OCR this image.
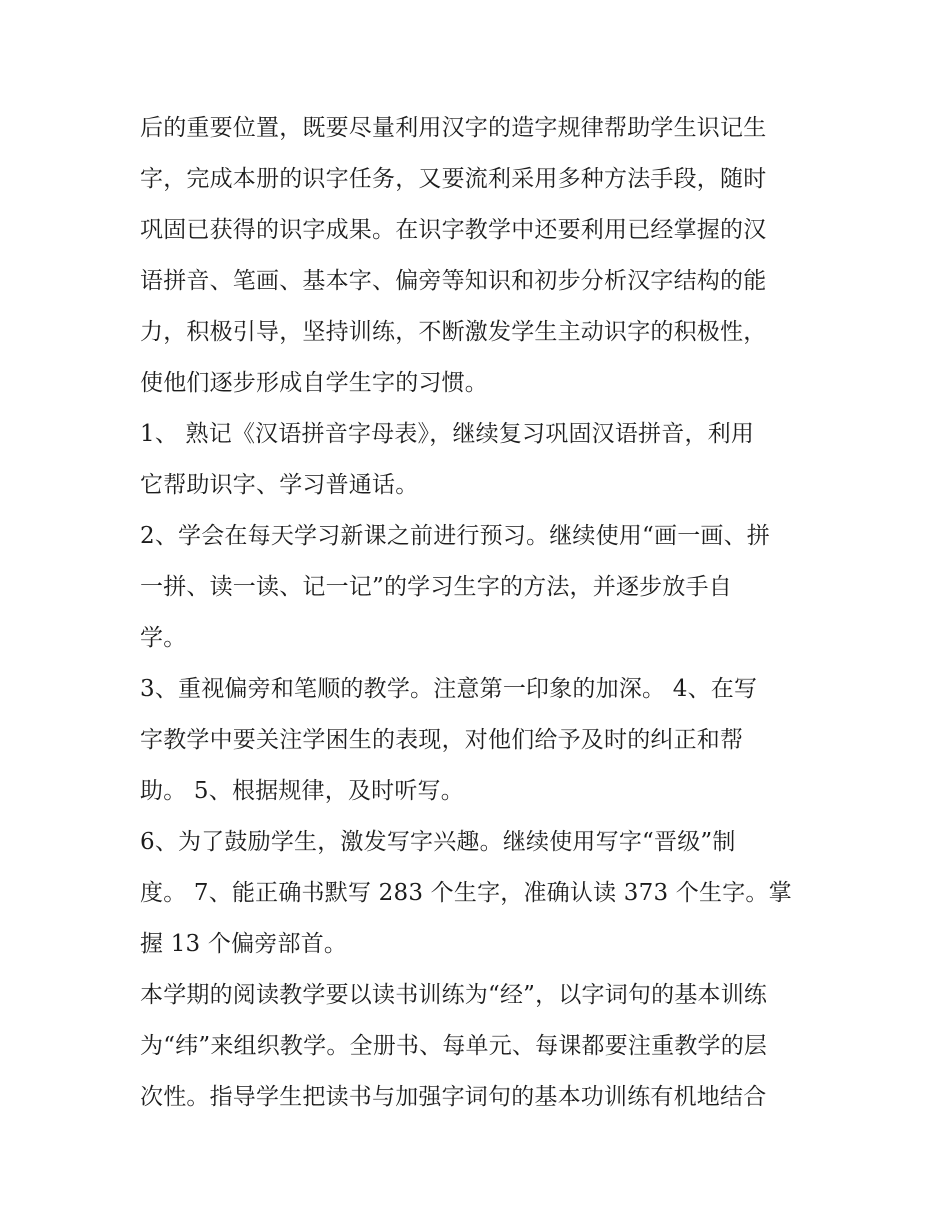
后的重要位置，既要尽量利用汉字的造字规律帮助学生识记生
字，完成本册的识字任务，又要流利采用多种方法手段，随时
巩固已获得的识字成果。在识字教学中还要利用已经掌握的汉
语拼音、笔画、基本字、偏旁等知识和初步分析汉字结构的能
力，积极引导，坚持训练，不断激发学生主动识字的积极性，
使他们逐步形成自学生字的习惯。
1、 熟记《汉语拼音字母表》，继续复习巩固汉语拼音，利用
它帮助识字、学习普通话。
2、学会在每天学习新课之前进行预习。继续使用“画一画、拼
一拼、读一读、记一记”的学习生字的方法，并逐步放手自
学。
3、重视偏旁和笔顺的教学。注意第一印象的加深。 4、在写
字教学中要关注学困生的表现，对他们给予及时的纠正和帮
助。 5、根据规律，及时听写。
6、为了鼓励学生，激发写字兴趣。继续使用写字“晋级”制
度。 7、能正确书默写 283 个生字，准确认读 373 个生字。掌
握 13 个偏旁部首。
本学期的阅读教学要以读书训练为“经”，以字词句的基本训练
为“纬”来组织教学。全册书、每单元、每课都要注重教学的层
次性。指导学生把读书与加强字词句的基本功训练有机地结合
